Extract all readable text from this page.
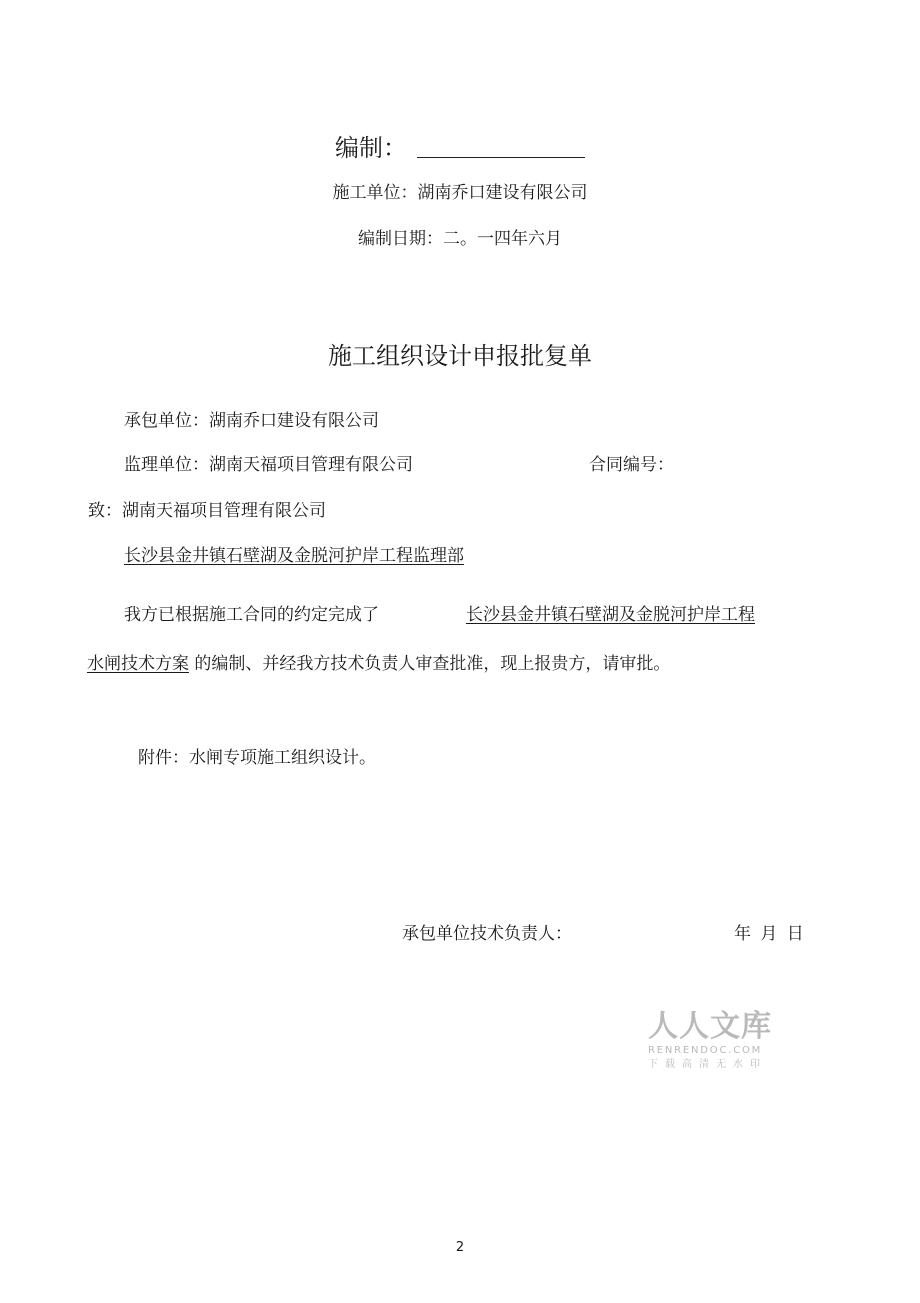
编制：
施工单位：湖南乔口建设有限公司
编制日期：二。一四年六月
施工组织设计申报批复单
承包单位：湖南乔口建设有限公司
监理单位：湖南天福项目管理有限公司	合同编号：
致：湖南天福项目管理有限公司
长沙县金井镇石壁湖及金脱河护岸工程监理部
我方已根据施工合同的约定完成了	长沙县金井镇石壁湖及金脱河护岸工程
水闸技术方案 的编制、并经我方技术负责人审查批准，现上报贵方，请审批。
附件：水闸专项施工组织设计。
承包单位技术负责人：	年 月 日
人人文库
RENRENDOC.COM
下载高清无水印
2
